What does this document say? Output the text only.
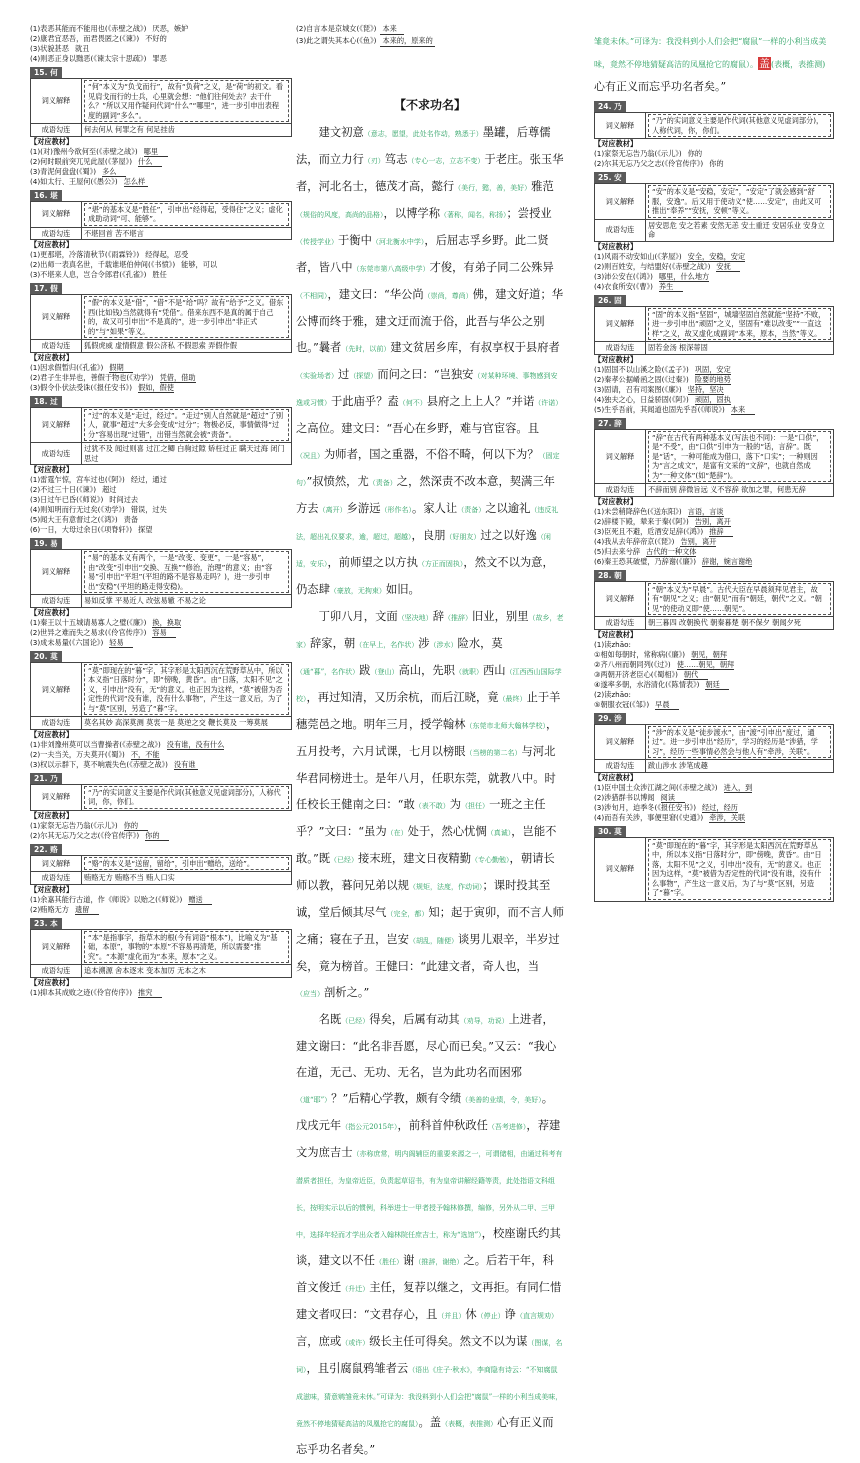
(1)表恶其能而不能用也(《赤壁之战》) 厌恶，嫉妒
(2)康君宜恶吾，而君畏匿之(《谏》) 不好的
(3)状貌甚恶 就丑
(4)则恶正身以黜恶(《谏太宗十思疏》) 罪恶
15. 何
词义解释	“何”本义为“负戈而行”，故有“负荷”之义，是“荷”的初文。看见肩戈而行的士兵，心里就会想：“他们往何处去？去干什么？”所以又用作疑问代词“什么”“哪里”，进一步引申出表程度的副词“多么”。

成语勾连	何去何从 何罪之有 何足挂齿
【对应教材】
(1)(对)豫州今欲何至(《赤壁之战》) 哪里
(2)何时眼前突兀见此屋(《茅屋》) 什么
(3)青泥何盘盘(《蜀》) 多么
(4)如太行、王屋何(《愚公》) 怎么样
16. 堪
词义解释	“堪”的基本义是“胜任”，引申出“经得起，受得住”之义；虚化成助动词“可、能够”。

成语勾连	不堪回首 苦不堪言
【对应教材】
(1)更那堪，冷落清秋节(《雨霖铃》) 经得起，忍受
(2)出师一表真名世，千载谁堪伯仲间(《书愤》) 能够，可以
(3)不堪来人息，岂合令郎君(《孔雀》) 胜任
17. 假
词义解释	“假”的本义是“借”，“借”不是“给”吗？故有“给予”之义。借东西(比如钱)当然就得有“凭借”。借来东西不是真的属于自己的，故又可引申出“不是真的”，进一步引申出“非正式的”与“如果”等义。

成语勾连	狐假虎威 虚情假意 假公济私 不假思索 弄假作假
【对应教材】
(1)因求假暂归(《孔雀》) 假期
(2)君子生非异也，善假于物也(《劝学》) 凭借，借助
(3)假令仆伏法受诛(《报任安书》) 假如，假使
18. 过
词义解释	“过”的本义是“走过，经过”。“走过”别人自然就是“超过”了别人，就事“超过”大多会变成“过分”；物极必反，事情做得“过分”容易出现“过错”，出错当然就会被“责备”。

成语勾连	过犹不及 闻过则喜 过江之鲫 白驹过隙 矫枉过正 瞒天过海 闭门思过
【对应教材】
(1)雷霆乍惊，宫车过也(《阿》) 经过，通过
(2)不过三十日(《谏》) 超过
(3)日过午已昏(《师说》) 时间过去
(4)则知明而行无过矣(《劝学》) 错误，过失
(5)闻大王有意督过之(《鸿》) 责备
(6)一日，大母过余日(《项脊轩》) 探望
19. 易
词义解释	“易”的基本义有两个，一是“改变、变更”，一是“容易”，由“改变”引申出“交换、互换”“修治，治理”的意义；由“容易”引申出“平坦”(平坦的路不是容易走吗？)，进一步引申出“安稳”(平坦的路走得安稳)。

成语勾连	易如反掌 平易近人 改弦易辙 不易之论
【对应教材】
(1)秦王以十五城请易寡人之璧(《廉》) 换，换取
(2)世异之难而失之易求(《伶官传序》) 容易
(3)成未易量(《六国论》) 轻易
20. 莫
词义解释	“莫”即现在的“暮”字，其字形是太阳西沉在荒野草丛中，所以本义指“日落时分”，即“傍晚，黄昏”。由“日落，太阳不见”之义，引申出“没有，无”的意义。也正因为这样，“莫”被借为否定性的代词“没有谁，没有什么事物”，产生这一意义后，为了与“莫”区别，另造了“暮”字。

成语勾连	莫名其妙 高深莫测 莫衷一是 莫逆之交 鞭长莫及 一筹莫展
【对应教材】
(1)非刘豫州莫可以当曹操者(《赤壁之战》) 没有谁，没有什么
(2)一夫当关，万夫莫开(《蜀》) 不，不能
(3)权以示群下，莫不响震失色(《赤壁之战》) 没有谁
21. 乃
词义解释	
“乃”的实词意义主要是作代词(其他意义见虚词部分)，人称代词，你，你们。
【对应教材】
(1)家祭无忘告乃翁(《示儿》) 你的
(2)尔其无忘乃父之志(《伶官传序》) 你的
22. 赂
词义解释	“赂”的本义是“送留，留给”，引申出“赠给，送给”。

成语勾连	贿赂无方 贿赂不当 贿人口实
【对应教材】
(1)余嘉其能行古道，作《师说》以贻之(《师说》) 赠送
(2)贿赂无方 遗留
23. 本
词义解释	“本”是指事字，指草木的根(今有词语“根本”)，比喻义为“基础，本原”，事物的“本原”不容易再清楚，所以需要“推究”。“本源”虚化而为“本来，原本”之义。

成语勾连	追本溯源 舍本逐末 变本加厉 无本之木
【对应教材】
(1)抑本其成败之迹(《伶官传序》) 推究
(2)自言本是京城女(《琵》) 本来
(3)此之谓失其本心(《鱼》) 本来的，原来的
【不求功名】

建文初意（意志，愿望，此处名作动，熟悉于）墨罐，后尊儒法，而立力行（刃）笃志（专心一志，立志不变）于老庄。张玉华者，河北名士，德茂才高，懿行（美行，懿，善，美好）雅范（规俗的风度，高尚的品格），以博学称（著称，闻名，称扬）；尝授业（传授学业）于衡中（河北衡水中学），后屈志孚乡野。此二贤者，皆八中（东莞市第八高级中学）才俊，有弟子同二公殊异（不相同），建文曰：“华公尚（崇尚，尊尚）佛，建文好道；华公博而终于雅，建文迂而流于俗，此吾与华公之别也。”曩者（先时，以前）建文贫居乡库，有叔享权于县府者（实验场者）过（探望）而问之曰：“岂独安（对某种环境、事物感到安逸或习惯）于此庙乎？盍（何不）县府之上上人？”并诺（许诺）之高位。建文曰：“吾心在乡野，难与官宦容。且（况且）为师者，国之重器，不俗不畸，何以下为？（固定句）”叔愤然，尤（责备）之，然深责不改本意，契满三年方去（离开）乡游远（形作名）。家人让（责备）之以逾礼（违反礼法，超出礼仪要求，逾，超过，超越），良朋（好朋友）过之以好逸（闲适，安乐），前师望之以方执（方正而固执），然文不以为意，仍态肆（豪放，无拘束）如旧。

丁卯八月，文面（坚决地）辞（推辞）旧业，别里（故乡，老家）辞家，朝（在早上，名作状）涉（涉水）险水，莫（通“暮”，名作状）跋（登山）高山，先职（就职）西山（江西西山国际学校），再过知清，又历余杭，而后江晓，竟（最终）止于羊穗莞邑之地。明年三月，授学翰林（东莞市北师大翰林学校），五月投考，六月试课，七月以榜眼（当榜的第二名）与河北华君同榜进士。是年八月，任职东莞，就教八中。时任校长王健南之曰：“敢（表不敢）为（担任）一班之主任乎？”文曰：“虽为（在）处于，然心忧惆（真诚），岂能不敢。”既（已经）接末班，建文日夜精勤（专心勤勉），朝请长师以教，暮问兄弟以规（规矩，法度，作动词）；课时投其至诚，堂后倾其尽气（完全，都）知；起于寅卯，而不言人师之痛；寝在子丑，岂安（胡乱，随便）谈男儿艰辛，半岁过矣，竟为榜首。王健曰：“此建文者，奇人也，当（应当）剖析之。”

名既（已经）得矣，后属有动其（劝导，功说）上进者，建文谢曰：“此名非吾愿，尽心而已矣。”又云：“我心在道，无己、无功、无名，岂为此功名而困邪（道“耶”）？”后精心学教，颇有令绩（美善的业绩，令，美好）。戊戌元年（指公元2015年），前科首仲秋政任（吾考进修），荐建文为庶吉士（亦称庶常，明内阁辅臣的重要来源之一，可谓储相，由通过科考有潜质者担任，为皇帝近臣，负责起草诏书，有为皇帝讲解经籍等责，此处指语文科组长，按明实示以后的惯例，科举进士一甲者授予翰林修撰，编修，另外从二甲、三甲中，选择年轻而才学出众者入翰林院任庶吉士，称为“选馆”），校座谢氏约其谈，建文以不任（胜任）谢（推辞，谢绝）之。后若干年，科首文俊迁（升迁）主任，复荐以继之，文再拒。有同仁惜建文者叹曰：“文君存心，且（并且）休（停止）诤（直言规劝）言，庶或（或许）级长主任可得矣。然文不以为谋（图谋，名词），且引腐鼠鸦雏者云（语出《庄子·秋水》，李商隐有诗云：“不知腐鼠成滋味，猜意鹓雏竟未休。”可译为：我没料到小人们会把“腐鼠”一样的小利当成美味，竟然不停地猜疑高洁的凤凰抢它的腐鼠）。盖（表概，表推测）心有正义而忘乎功名者矣。”

雏竟未休。”可译为：我没料到小人们会把“腐鼠”一样的小利当成美味，竟然不停地猜疑高洁的凤凰抢它的腐鼠）。盖(表概，表推测)心有正义而忘乎功名者矣。”
24. 乃
词义解释	
“乃”的实词意义主要是作代词(其他意义见虚词部分)，人称代词，你，你们。
【对应教材】
(1)家祭无忘告乃翁(《示儿》) 你的
(2)尔其无忘乃父之志(《伶官传序》) 你的
25. 安
词义解释	“安”的本义是“安稳，安定”，“安定”了就会感到“舒服，安逸”。后又用于使动义“使……安定”，由此又可推出“奉养”“安抚，安顿”等义。

成语勾连	居安思危 安之若素 安然无恙 安土重迁 安居乐业 安身立命
【对应教材】
(1)风雨不动安如山(《茅屋》) 安全，安稳，安定
(2)则百姓安，与结盟好(《赤壁之战》) 安抚
(3)沛公安在(《鸿》) 哪里，什么地方
(4)衣食所安(《曹》) 养生
26. 固
词义解释	“固”的本义指“坚固”，城墙坚固自然就能“坚持”不败，进一步引申出“顽固”之义，坚固有“难以改变”“一直这样”之义，故又虚化成副词“本来，原本，当然”等义。

成语勾连	固若金汤 根深蒂固
【对应教材】
(1)固国不以山溪之险(《孟子》) 巩固，安定
(2)秦孝公据崤函之固(《过秦》) 险要的地势
(3)固请，召有司案图(《廉》) 坚持，坚决
(4)独夫之心，日益骄固(《阿》) 顽固，固执
(5)生乎吾前，其闻道也固先乎吾(《师说》) 本来
27. 辞
词义解释	“辞”在古代有两种基本义(写法也不同)：一是“口供”，是“不受”，由“口供”引申为一般的“话，言辞”。既是“话”，一种可能成为借口，落下“口实”；一种则因为“言之成文”，是富有文采的“文辞”，也就自然成为“一种文体”(如“楚辞”)。

成语勾连	不辞而别 辞微旨远 义不容辞 欲加之罪，何患无辞
【对应教材】
(1)未尝稍降辞色(《送东阳》) 言语，言谈
(2)辞楼下殿，辇来于秦(《阿》) 告别，离开
(3)臣死且不避，卮酒安足辞(《鸿》) 推辞
(4)我从去年辞帝京(《琵》) 告别，离开
(5)归去来兮辞 古代的一种文体
(6)秦王恐其破璧，乃辞谢(《廉》) 辞谢，婉言谢绝
28. 朝
词义解释	“朝”本义为“早晨”。古代大臣在早晨须拜见君主，故有“朝见”之义；由“朝见”而有“朝廷，朝代”之义。“朝见”的使动义即“使……朝见”。

成语勾连	朝三暮四 改朝换代 朝秦暮楚 朝不保夕 朝闻夕死
【对应教材】
(1)读zhāo:
①相如每朝时，常称病(《廉》) 朝见，朝拜
②齐八州而朝同列(《过》) 使……朝见，朝拜
③两朝开济老臣心(《蜀相》) 朝代
④遂率多朝，水浴清化(《陈情表》) 朝廷
(2)读zhāo:
⑤朝服衣冠(《邹》) 早晨
29. 涉
词义解释	“涉”的本义是“徒步渡水”，由“渡”引申出“度过，通过”。进一步引申出“经历”，学习的经历是“涉猎，学习”，经历一些事情必然会与他人有“牵涉，关联”。

成语勾连	跋山涉水 涉笔成趣
【对应教材】
(1)臣中国土众涉江湖之间(《赤壁之战》) 进入，到
(2)涉猎群书以博闻 阅读
(3)涉旬月，迫季冬(《报任安书》) 经过，经历
(4)而吾有关涉，事便里窘(《史通》) 牵涉，关联
30. 莫
词义解释	
“莫”即现在的“暮”字，其字形是太阳西沉在荒野草丛中，所以本义指“日落时分”，即“傍晚，黄昏”。由“日落，太阳不见”之义，引申出“没有，无”的意义。也正因为这样，“莫”被借为否定性的代词“没有谁，没有什么事物”，产生这一意义后，为了与“莫”区别，另造了“暮”字。
